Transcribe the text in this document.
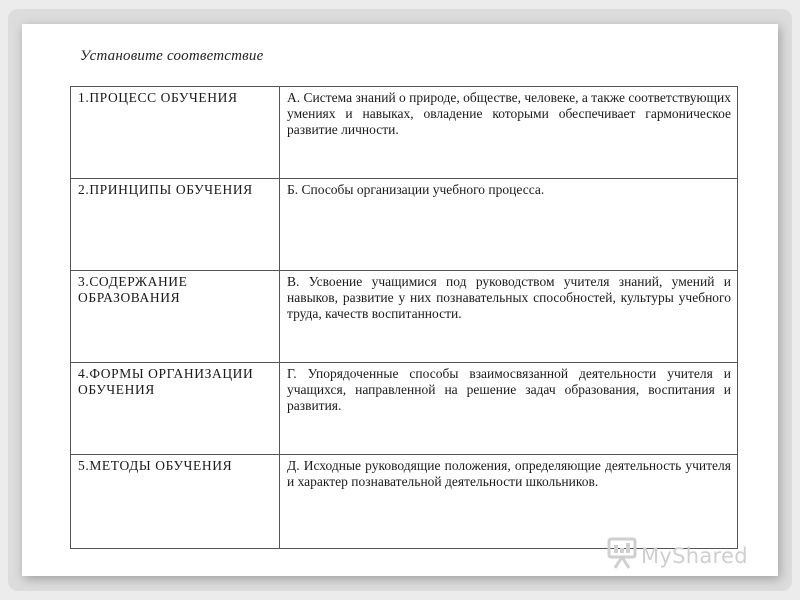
Установите соответствие
1.ПРОЦЕСС ОБУЧЕНИЯ	А. Система знаний о природе, обществе, человеке, а также соответствующих умениях и навыках, овладение которыми обеспечивает гармоническое развитие личности.
2.ПРИНЦИПЫ ОБУЧЕНИЯ	Б. Способы организации учебного процесса.
3.СОДЕРЖАНИЕ ОБРАЗОВАНИЯ	В. Усвоение учащимися под руководством учителя знаний, умений и навыков, развитие у них познавательных способностей, культуры учебного труда, качеств воспитанности.
4.ФОРМЫ ОРГАНИЗАЦИИ ОБУЧЕНИЯ	Г. Упорядоченные способы взаимосвязанной деятельности учителя и учащихся, направленной на решение задач образования, воспитания и развития.
5.МЕТОДЫ ОБУЧЕНИЯ	Д. Исходные руководящие положения, определяющие деятельность учителя и характер познавательной деятельности школьников.
MyShared
